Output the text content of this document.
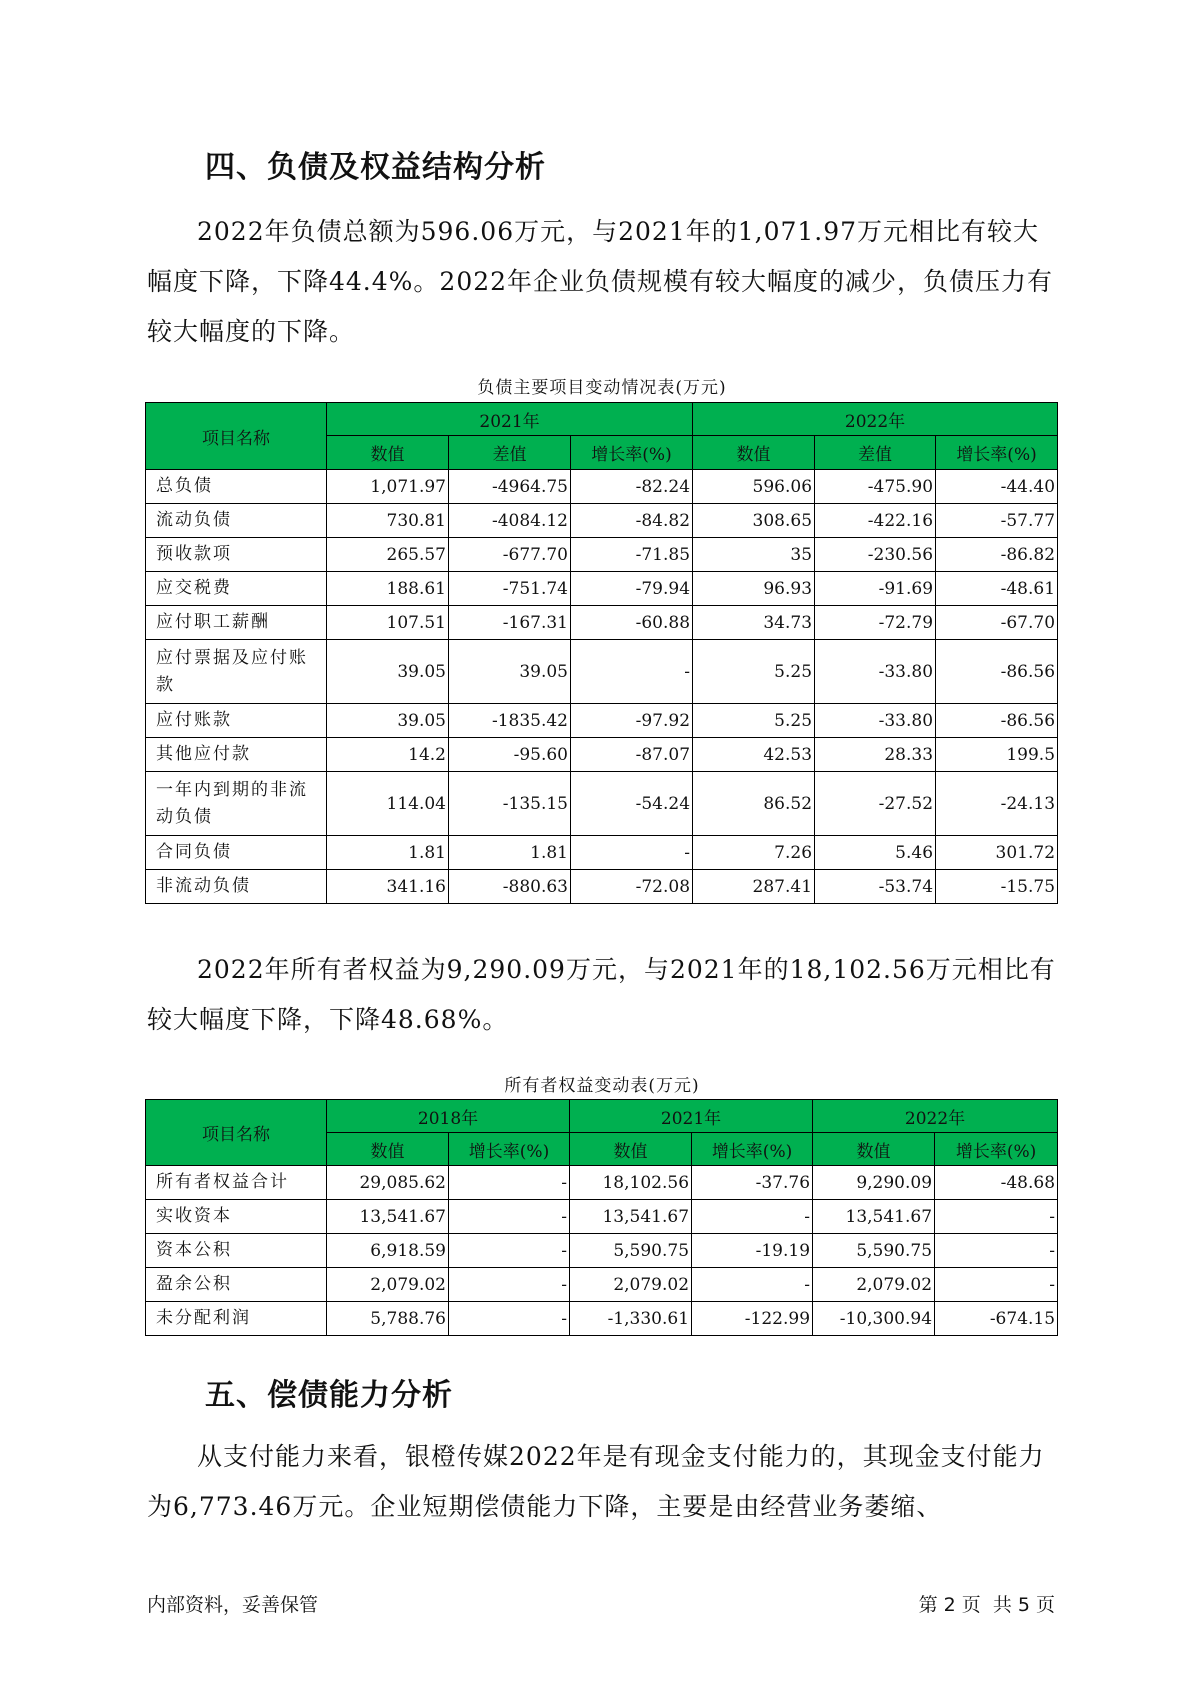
四、负债及权益结构分析

2022年负债总额为596.06万元，与2021年的1,071.97万元相比有较大幅度下降，下降44.4%。2022年企业负债规模有较大幅度的减少，负债压力有较大幅度的下降。

负债主要项目变动情况表(万元)
项目名称	2021年			2022年		
	数值	差值	增长率(%)	数值	差值	增长率(%)
总负债	1,071.97	-4964.75	-82.24	596.06	-475.90	-44.40
流动负债	730.81	-4084.12	-84.82	308.65	-422.16	-57.77
预收款项	265.57	-677.70	-71.85	35	-230.56	-86.82
应交税费	188.61	-751.74	-79.94	96.93	-91.69	-48.61
应付职工薪酬	107.51	-167.31	-60.88	34.73	-72.79	-67.70
应付票据及应付账款	39.05	39.05	-	5.25	-33.80	-86.56
应付账款	39.05	-1835.42	-97.92	5.25	-33.80	-86.56
其他应付款	14.2	-95.60	-87.07	42.53	28.33	199.5
一年内到期的非流动负债	114.04	-135.15	-54.24	86.52	-27.52	-24.13
合同负债	1.81	1.81	-	7.26	5.46	301.72
非流动负债	341.16	-880.63	-72.08	287.41	-53.74	-15.75

2022年所有者权益为9,290.09万元，与2021年的18,102.56万元相比有较大幅度下降，下降48.68%。

所有者权益变动表(万元)
项目名称	2018年		2021年		2022年	
	数值	增长率(%)	数值	增长率(%)	数值	增长率(%)
所有者权益合计	29,085.62	-	18,102.56	-37.76	9,290.09	-48.68
实收资本	13,541.67	-	13,541.67	-	13,541.67	-
资本公积	6,918.59	-	5,590.75	-19.19	5,590.75	-
盈余公积	2,079.02	-	2,079.02	-	2,079.02	-
未分配利润	5,788.76	-	-1,330.61	-122.99	-10,300.94	-674.15
五、偿债能力分析

从支付能力来看，银橙传媒2022年是有现金支付能力的，其现金支付能力为6,773.46万元。企业短期偿债能力下降，主要是由经营业务萎缩、

内部资料，妥善保管	第 2 页  共 5 页
